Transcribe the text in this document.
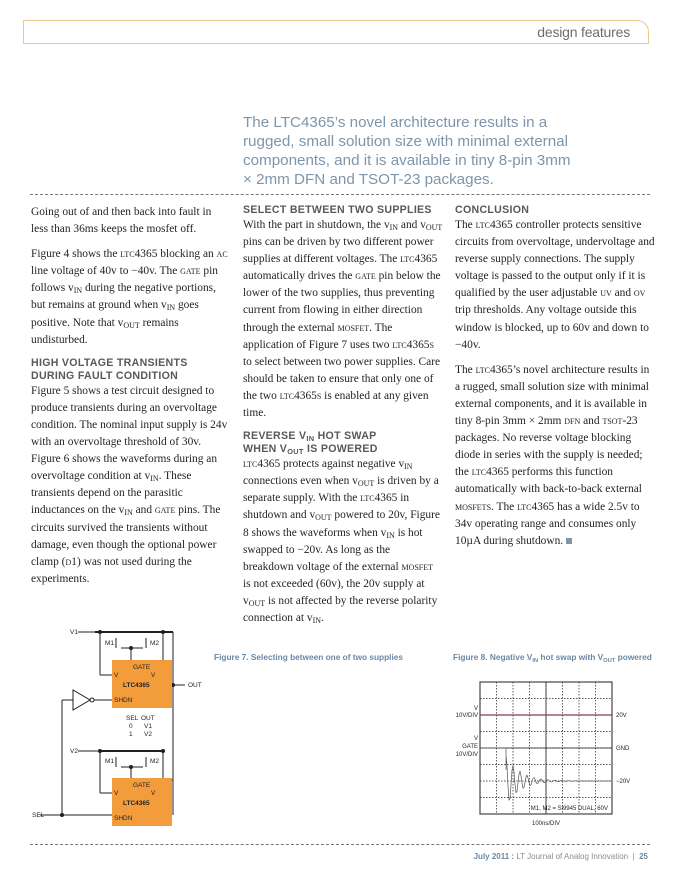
design features
The LTC4365’s novel architecture results in a rugged, small solution size with minimal external components, and it is available in tiny 8-pin 3mm × 2mm DFN and TSOT-23 packages.

Going out of and then back into fault in less than 36ms keeps the mosfet off.

Figure 4 shows the ltc4365 blocking an ac line voltage of 40v to −40v. The gate pin follows $v_{IN}$ during the negative portions, but remains at ground when $v_{IN}$ goes positive. Note that $v_{OUT}$ remains undisturbed.

HIGH VOLTAGE TRANSIENTS DURING FAULT CONDITION

Figure 5 shows a test circuit designed to produce transients during an overvoltage condition. The nominal input supply is 24v with an overvoltage threshold of 30v. Figure 6 shows the waveforms during an overvoltage condition at $v_{IN}$. These transients depend on the parasitic inductances on the $v_{IN}$ and gate pins. The circuits survived the transients without damage, even though the optional power clamp (d1) was not used during the experiments.

SELECT BETWEEN TWO SUPPLIES

With the part in shutdown, the $v_{IN}$ and $v_{OUT}$ pins can be driven by two different power supplies at different voltages. The ltc4365 automatically drives the gate pin below the lower of the two supplies, thus preventing current from flowing in either direction through the external mosfet. The application of Figure 7 uses two ltc4365s to select between two power supplies. Care should be taken to ensure that only one of the two ltc4365s is enabled at any given time.

REVERSE $V_{IN}$ HOT SWAP
WHEN $V_{OUT}$ IS POWERED

ltc4365 protects against negative $v_{IN}$ connections even when $v_{OUT}$ is driven by a separate supply. With the ltc4365 in shutdown and $v_{OUT}$ powered to 20v, Figure 8 shows the waveforms when $v_{IN}$ is hot swapped to −20v. As long as the breakdown voltage of the external mosfet is not exceeded (60v), the 20v supply at $v_{OUT}$ is not affected by the reverse polarity connection at $v_{IN}$.

CONCLUSION

The ltc4365 controller protects sensitive circuits from overvoltage, undervoltage and reverse supply connections. The supply voltage is passed to the output only if it is qualified by the user adjustable uv and ov trip thresholds. Any voltage outside this window is blocked, up to 60v and down to −40v.

The ltc4365’s novel architecture results in a rugged, small solution size with minimal external components, and it is available in tiny 8-pin 3mm × 2mm dfn and tsot-23 packages. No reverse voltage blocking diode in series with the supply is needed; the ltc4365 performs this function automatically with back-to-back external mosfets. The ltc4365 has a wide 2.5v to 34v operating range and consumes only 10µA during shutdown.

V1
V2
M1	M2
M1	M2
GATE
V	V
LTC4365
SHDN
GATE
V	V
LTC4365
SHDN
OUT
SEL
SEL OUT
0 V1
1 V2
Figure 7. Selecting between one of two supplies	Figure 8. Negative $V_{IN}$ hot swap with $V_{OUT}$ powered
V
10V/DIV
V
GATE
10V/DIV
20V
GND
−20V
M1, M2 = Si9945 DUAL, 60V
100ns/DIV
July 2011 : LT Journal of Analog Innovation | 25
